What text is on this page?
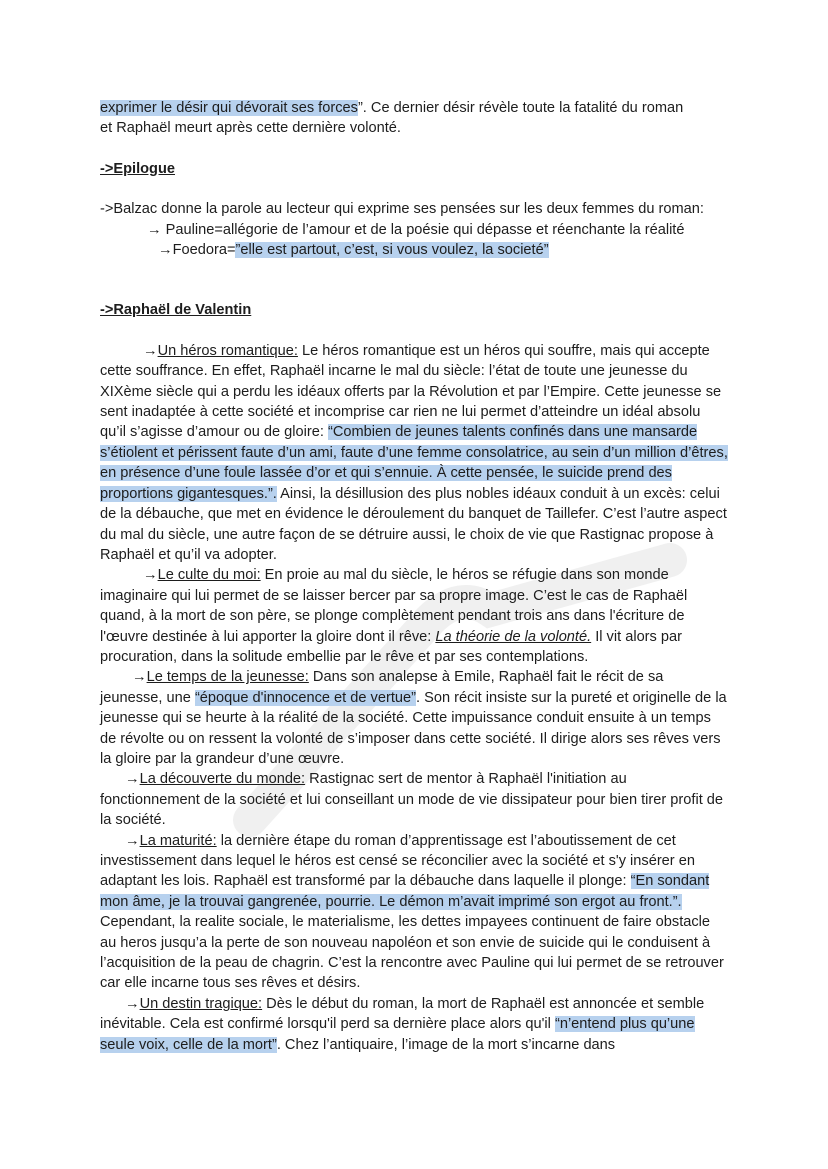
exprimer le désir qui dévorait ses forces”. Ce dernier désir révèle toute la fatalité du roman
et Raphaël meurt après cette dernière volonté.

->Epilogue

->Balzac donne la parole au lecteur qui exprime ses pensées sur les deux femmes du roman:

→ Pauline=allégorie de l’amour et de la poésie qui dépasse et réenchante la réalité

→Foedora=”elle est partout, c’est, si vous voulez, la societé”

->Raphaël de Valentin

→Un héros romantique: Le héros romantique est un héros qui souffre, mais qui accepte cette souffrance. En effet, Raphaël incarne le mal du siècle: l’état de toute une jeunesse du XIXème siècle qui a perdu les idéaux offerts par la Révolution et par l’Empire. Cette jeunesse se sent inadaptée à cette société et incomprise car rien ne lui permet d’atteindre un idéal absolu qu’il s’agisse d’amour ou de gloire: “Combien de jeunes talents confinés dans une mansarde s’étiolent et périssent faute d’un ami, faute d’une femme consolatrice, au sein d’un million d’êtres, en présence d’une foule lassée d’or et qui s’ennuie. À cette pensée, le suicide prend des proportions gigantesques.”. Ainsi, la désillusion des plus nobles idéaux conduit à un excès: celui de la débauche, que met en évidence le déroulement du banquet de Taillefer. C’est l’autre aspect du mal du siècle, une autre façon de se détruire aussi, le choix de vie que Rastignac propose à Raphaël et qu’il va adopter.

→Le culte du moi: En proie au mal du siècle, le héros se réfugie dans son monde imaginaire qui lui permet de se laisser bercer par sa propre image. C’est le cas de Raphaël quand, à la mort de son père, se plonge complètement pendant trois ans dans l'écriture de l'œuvre destinée à lui apporter la gloire dont il rêve: La théorie de la volonté. Il vit alors par procuration, dans la solitude embellie par le rêve et par ses contemplations.

→Le temps de la jeunesse: Dans son analepse à Emile, Raphaël fait le récit de sa jeunesse, une “époque d'innocence et de vertue”. Son récit insiste sur la pureté et originelle de la jeunesse qui se heurte à la réalité de la société. Cette impuissance conduit ensuite à un temps de révolte ou on ressent la volonté de s’imposer dans cette société. Il dirige alors ses rêves vers la gloire par la grandeur d’une œuvre.

→La découverte du monde: Rastignac sert de mentor à Raphaël l'initiation au fonctionnement de la société et lui conseillant un mode de vie dissipateur pour bien tirer profit de la société.

→La maturité: la dernière étape du roman d’apprentissage est l’aboutissement de cet investissement dans lequel le héros est censé se réconcilier avec la société et s'y insérer en adaptant les lois. Raphaël est transformé par la débauche dans laquelle il plonge: “En sondant mon âme, je la trouvai gangrenée, pourrie. Le démon m’avait imprimé son ergot au front.”. Cependant, la realite sociale, le materialisme, les dettes impayees continuent de faire obstacle au heros jusqu’a la perte de son nouveau napoléon et son envie de suicide qui le conduisent à l’acquisition de la peau de chagrin. C’est la rencontre avec Pauline qui lui permet de se retrouver car elle incarne tous ses rêves et désirs.

→Un destin tragique: Dès le début du roman, la mort de Raphaël est annoncée et semble inévitable. Cela est confirmé lorsqu'il perd sa dernière place alors qu'il “n’entend plus qu’une seule voix, celle de la mort”. Chez l’antiquaire, l’image de la mort s’incarne dans
